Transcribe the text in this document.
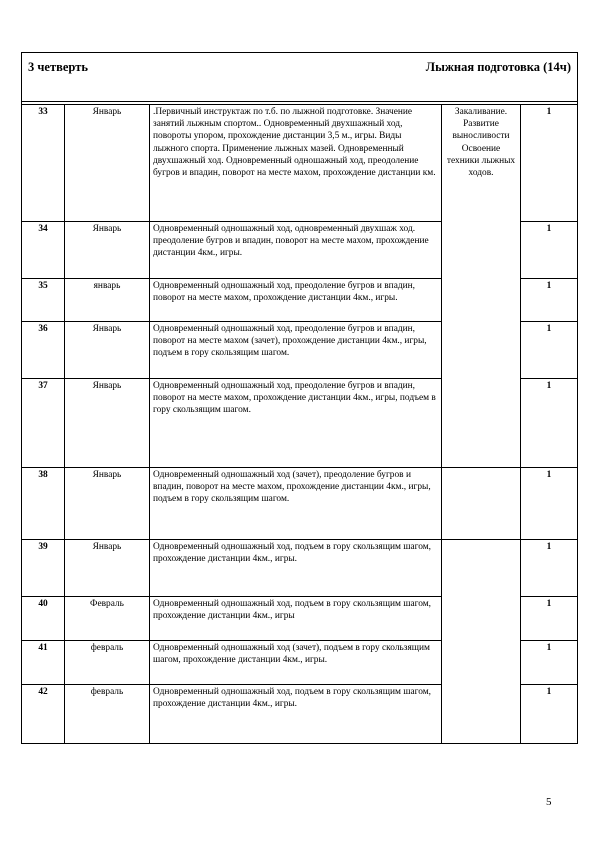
3 четверть Лыжная подготовка (14ч)				

33	Январь	.Первичный инструктаж по т.б. по лыжной подготовке. Значение занятий лыжным спортом.. Одновременный двухшажный ход, повороты упором, прохождение дистанции 3,5 м., игры. Виды лыжного спорта. Применение лыжных мазей. Одновременный двухшажный ход. Одновременный одношажный ход, преодоление бугров и впадин, поворот на месте махом, прохождение дистанции км.	Закаливание. Развитие выносливости Освоение техники лыжных ходов.	1
34	Январь	Одновременный одношажный ход, одновременный двухшаж ход. преодоление бугров и впадин, поворот на месте махом, прохождение дистанции 4км., игры.		1
35	январь	Одновременный одношажный ход, преодоление бугров и впадин, поворот на месте махом, прохождение дистанции 4км., игры.		1
36	Январь	Одновременный одношажный ход, преодоление бугров и впадин, поворот на месте махом (зачет), прохождение дистанции 4км., игры, подъем в гору скользящим шагом.		1
37	Январь	Одновременный одношажный ход, преодоление бугров и впадин, поворот на месте махом, прохождение дистанции 4км., игры, подъем в гору скользящим шагом.		1
38	Январь	Одновременный одношажный ход (зачет), преодоление бугров и впадин, поворот на месте махом, прохождение дистанции 4км., игры, подъем в гору скользящим шагом.		1
39	Январь	Одновременный одношажный ход, подъем в гору скользящим шагом, прохождение дистанции 4км., игры.		1
40	Февраль	Одновременный одношажный ход, подъем в гору скользящим шагом, прохождение дистанции 4км., игры		1
41	февраль	Одновременный одношажный ход (зачет), подъем в гору скользящим шагом, прохождение дистанции 4км., игры.		1
42	февраль	Одновременный одношажный ход, подъем в гору скользящим шагом, прохождение дистанции 4км., игры.		1
5
